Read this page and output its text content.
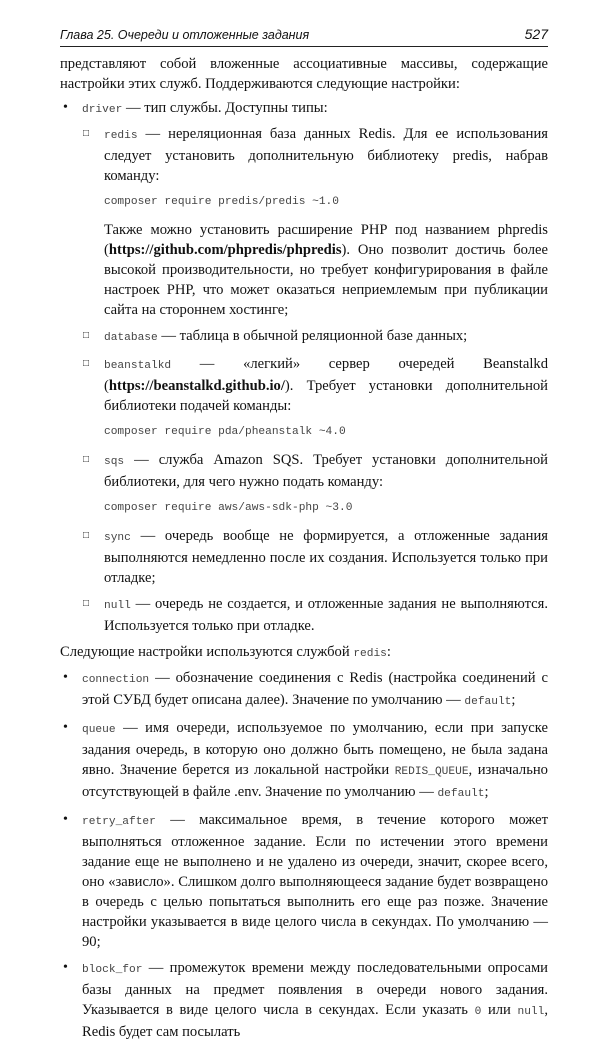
Глава 25. Очереди и отложенные задания	527

представляют собой вложенные ассоциативные массивы, содержащие настройки этих служб. Поддерживаются следующие настройки:

• driver — тип службы. Доступны типы:
□ redis — нереляционная база данных Redis. Для ее использования следует установить дополнительную библиотеку predis, набрав команду:
composer require predis/predis ~1.0
Также можно установить расширение PHP под названием phpredis (https://github.com/phpredis/phpredis). Оно позволит достичь более высокой производительности, но требует конфигурирования в файле настроек PHP, что может оказаться неприемлемым при публикации сайта на стороннем хостинге;
□ database — таблица в обычной реляционной базе данных;
□ beanstalkd — «легкий» сервер очередей Beanstalkd (https://beanstalkd.github.io/). Требует установки дополнительной библиотеки подачей команды:
composer require pda/pheanstalk ~4.0
□ sqs — служба Amazon SQS. Требует установки дополнительной библиотеки, для чего нужно подать команду:
composer require aws/aws-sdk-php ~3.0
□ sync — очередь вообще не формируется, а отложенные задания выполняются немедленно после их создания. Используется только при отладке;
□ null — очередь не создается, и отложенные задания не выполняются. Используется только при отладке.

Следующие настройки используются службой redis:

• connection — обозначение соединения с Redis (настройка соединений с этой СУБД будет описана далее). Значение по умолчанию — default;
• queue — имя очереди, используемое по умолчанию, если при запуске задания очередь, в которую оно должно быть помещено, не была задана явно. Значение берется из локальной настройки REDIS_QUEUE, изначально отсутствующей в файле .env. Значение по умолчанию — default;
• retry_after — максимальное время, в течение которого может выполняться отложенное задание. Если по истечении этого времени задание еще не выполнено и не удалено из очереди, значит, скорее всего, оно «зависло». Слишком долго выполняющееся задание будет возвращено в очередь с целью попытаться выполнить его еще раз позже. Значение настройки указывается в виде целого числа в секундах. По умолчанию — 90;
• block_for — промежуток времени между последовательными опросами базы данных на предмет появления в очереди нового задания. Указывается в виде целого числа в секундах. Если указать 0 или null, Redis будет сам посылать
